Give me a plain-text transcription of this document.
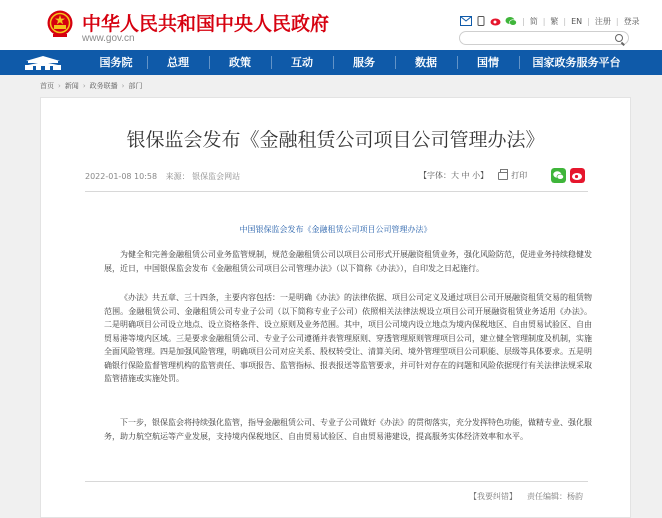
中华人民共和国中央人民政府
www.gov.cn
| 简 | 繁 | EN | 注册 | 登录
国务院	总理	政策	互动	服务	数据	国情	国家政务服务平台
首页 › 新闻 › 政务联播 › 部门
银保监会发布《金融租赁公司项目公司管理办法》
2022-01-08 10:58 来源： 银保监会网站	【字体：大 中 小】	打印
中国银保监会发布《金融租赁公司项目公司管理办法》

为健全和完善金融租赁公司业务监管规制，规范金融租赁公司以项目公司形式开展融资租赁业务，强化风险防范，促进业务持续稳健发展，近日，中国银保监会发布《金融租赁公司项目公司管理办法》（以下简称《办法》），自印发之日起施行。

《办法》共五章、三十四条，主要内容包括：一是明确《办法》的法律依据、项目公司定义及通过项目公司开展融资租赁交易的租赁物范围。金融租赁公司、金融租赁公司专业子公司（以下简称专业子公司）依照相关法律法规设立项目公司开展融资租赁业务适用《办法》。二是明确项目公司设立地点、设立资格条件、设立原则及业务范围。其中，项目公司境内设立地点为境内保税地区、自由贸易试验区、自由贸易港等境内区域。三是要求金融租赁公司、专业子公司遵循并表管理原则、穿透管理原则管理项目公司，建立健全管理制度及机制，实施全面风险管理。四是加强风险管理，明确项目公司对应关系、股权转受让、清算关闭、境外管理型项目公司职能、层级等具体要求。五是明确银行保险监督管理机构的监管责任、事项报告、监管指标、报表报送等监管要求，并可针对存在的问题和风险依据现行有关法律法规采取监管措施或实施处罚。

下一步，银保监会将持续强化监管，指导金融租赁公司、专业子公司做好《办法》的贯彻落实，充分发挥特色功能，做精专业、强化服务，助力航空航运等产业发展，支持境内保税地区、自由贸易试验区、自由贸易港建设，提高服务实体经济效率和水平。

【我要纠错】 责任编辑：杨韵
